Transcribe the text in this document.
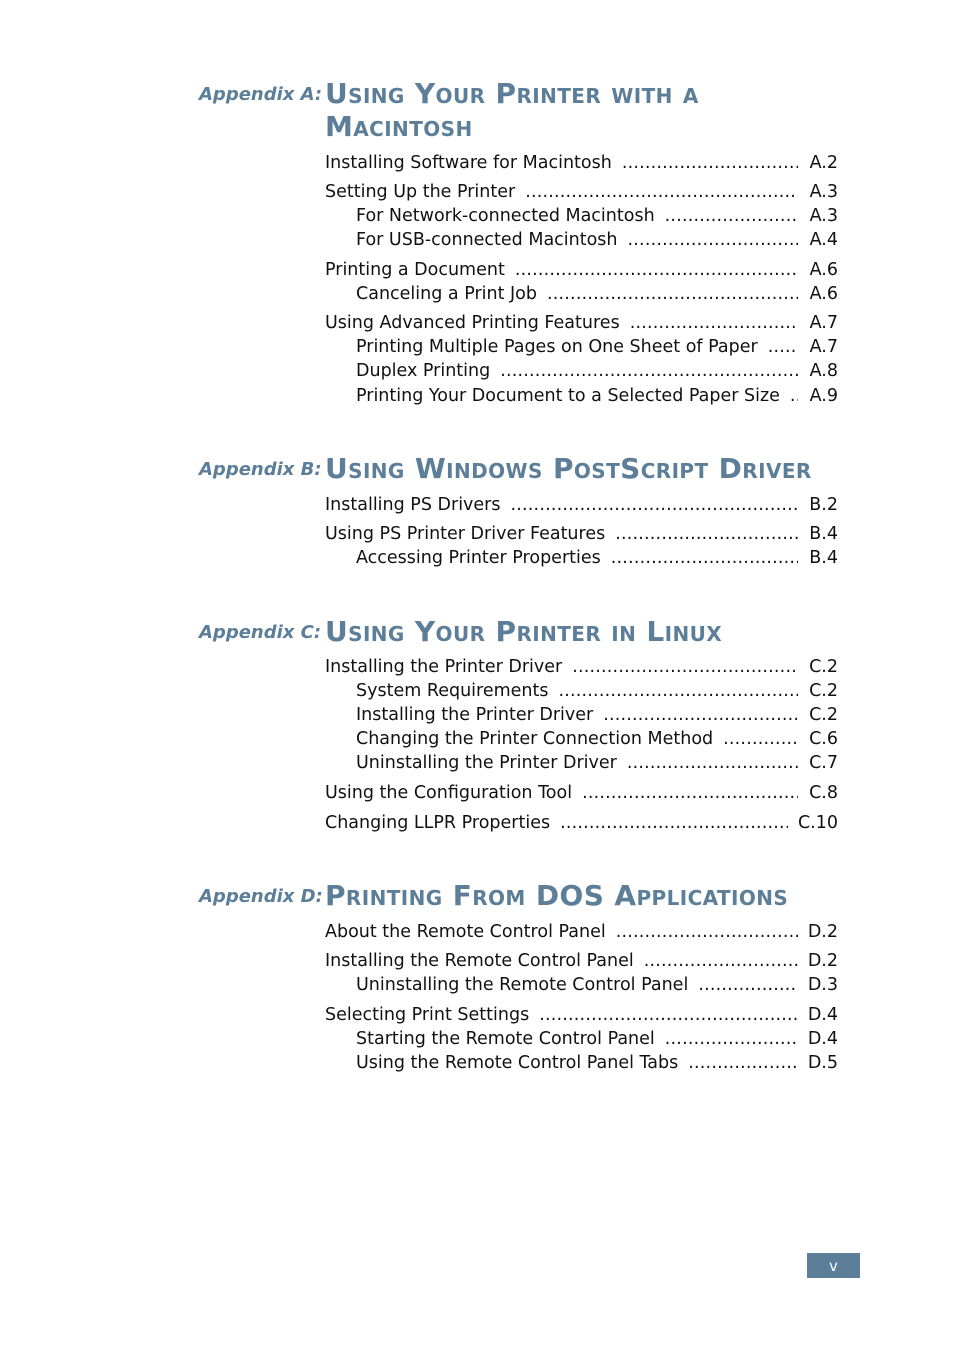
Appendix A: Using Your Printer with a Macintosh
Installing Software for Macintosh .....	A.2
Setting Up the Printer .....	A.3
For Network-connected Macintosh .....	A.3
For USB-connected Macintosh .....	A.4
Printing a Document .....	A.6
Canceling a Print Job .....	A.6
Using Advanced Printing Features .....	A.7
Printing Multiple Pages on One Sheet of Paper .....	A.7
Duplex Printing .....	A.8
Printing Your Document to a Selected Paper Size .....	A.9
Appendix B: Using Windows PostScript Driver
Installing PS Drivers .....	B.2
Using PS Printer Driver Features .....	B.4
Accessing Printer Properties .....	B.4
Appendix C: Using Your Printer in Linux
Installing the Printer Driver .....	C.2
System Requirements .....	C.2
Installing the Printer Driver .....	C.2
Changing the Printer Connection Method .....	C.6
Uninstalling the Printer Driver .....	C.7
Using the Configuration Tool .....	C.8
Changing LLPR Properties .....	C.10
Appendix D: Printing From DOS Applications
About the Remote Control Panel .....	D.2
Installing the Remote Control Panel .....	D.2
Uninstalling the Remote Control Panel .....	D.3
Selecting Print Settings .....	D.4
Starting the Remote Control Panel .....	D.4
Using the Remote Control Panel Tabs .....	D.5
v
